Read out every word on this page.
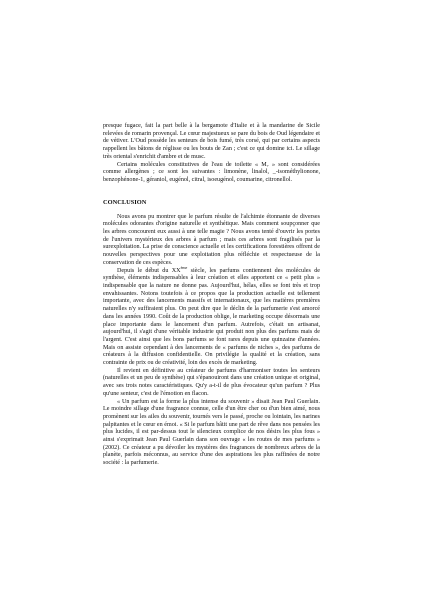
presque fugace, fait la part belle à la bergamote d'Italie et à la mandarine de Sicile relevées de romarin provençal. Le cœur majestueux se pare du bois de Oud légendaire et de vétiver. L'Oud possède les senteurs de bois fumé, très corsé, qui par certains aspects rappellent les bâtons de réglisse ou les bouts de Zan ; c'est ce qui domine ici. Le sillage très oriental s'enrichit d'ambre et de musc.

Certains molécules constitutives de l'eau de toilette « M₇ » sont considérées comme allergènes ; ce sont les suivantes : limonène, linalol, _-isométhylionone, benzophénone-1, géraniol, eugénol, citral, isoeugénol, coumarine, citronellol.

CONCLUSION

Nous avons pu montrer que le parfum résulte de l'alchimie étonnante de diverses molécules odorantes d'origine naturelle et synthétique. Mais comment soupçonner que les arbres concourent eux aussi à une telle magie ? Nous avons tenté d'ouvrir les portes de l'univers mystérieux des arbres à parfum ; mais ces arbres sont fragilisés par la surexploitation. La prise de conscience actuelle et les certifications forestières offrent de nouvelles perspectives pour une exploitation plus réfléchie et respectueuse de la conservation de ces espèces.

Depuis le début du XXème siècle, les parfums contiennent des molécules de synthèse, éléments indispensables à leur création et elles apportent ce « petit plus » indispensable que la nature ne donne pas. Aujourd'hui, hélas, elles se font très et trop envahissantes. Notons toutefois à ce propos que la production actuelle est tellement importante, avec des lancements massifs et internationaux, que les matières premières naturelles n'y suffiraient plus. On peut dire que le déclin de la parfumerie s'est amorcé dans les années 1990. Coût de la production oblige, le marketing occupe désormais une place importante dans le lancement d'un parfum. Autrefois, c'était un artisanat, aujourd'hui, il s'agit d'une véritable industrie qui produit non plus des parfums mais de l'argent. C'est ainsi que les bons parfums se font rares depuis une quinzaine d'années. Mais on assiste cependant à des lancements de « parfums de niches », des parfums de créateurs à la diffusion confidentielle. On privilégie la qualité et la création, sans contrainte de prix ou de créativité, loin des excès de marketing.

Il revient en définitive au créateur de parfums d'harmoniser toutes les senteurs (naturelles et un peu de synthèse) qui s'épanouiront dans une création unique et original, avec ses trois notes caractéristiques. Qu'y a-t-il de plus évocateur qu'un parfum ? Plus qu'une senteur, c'est de l'émotion en flacon.

« Un parfum est la forme la plus intense du souvenir » disait Jean Paul Guerlain. Le moindre sillage d'une fragrance connue, celle d'un être cher ou d'un bien aimé, nous promènent sur les ailes du souvenir, tournés vers le passé, proche ou lointain, les narines palpitantes et le cœur en émoi. « Si le parfum bâtit une part de rêve dans nos pensées les plus lucides, il est par-dessus tout le silencieux complice de nos désirs les plus fous » ainsi s'exprimait Jean Paul Guerlain dans son ouvrage « les routes de mes parfums » (2002). Ce créateur a pu dévoiler les mystères des fragrances de nombreux arbres de la planète, parfois méconnus, au service d'une des aspirations les plus raffinées de notre société : la parfumerie.
